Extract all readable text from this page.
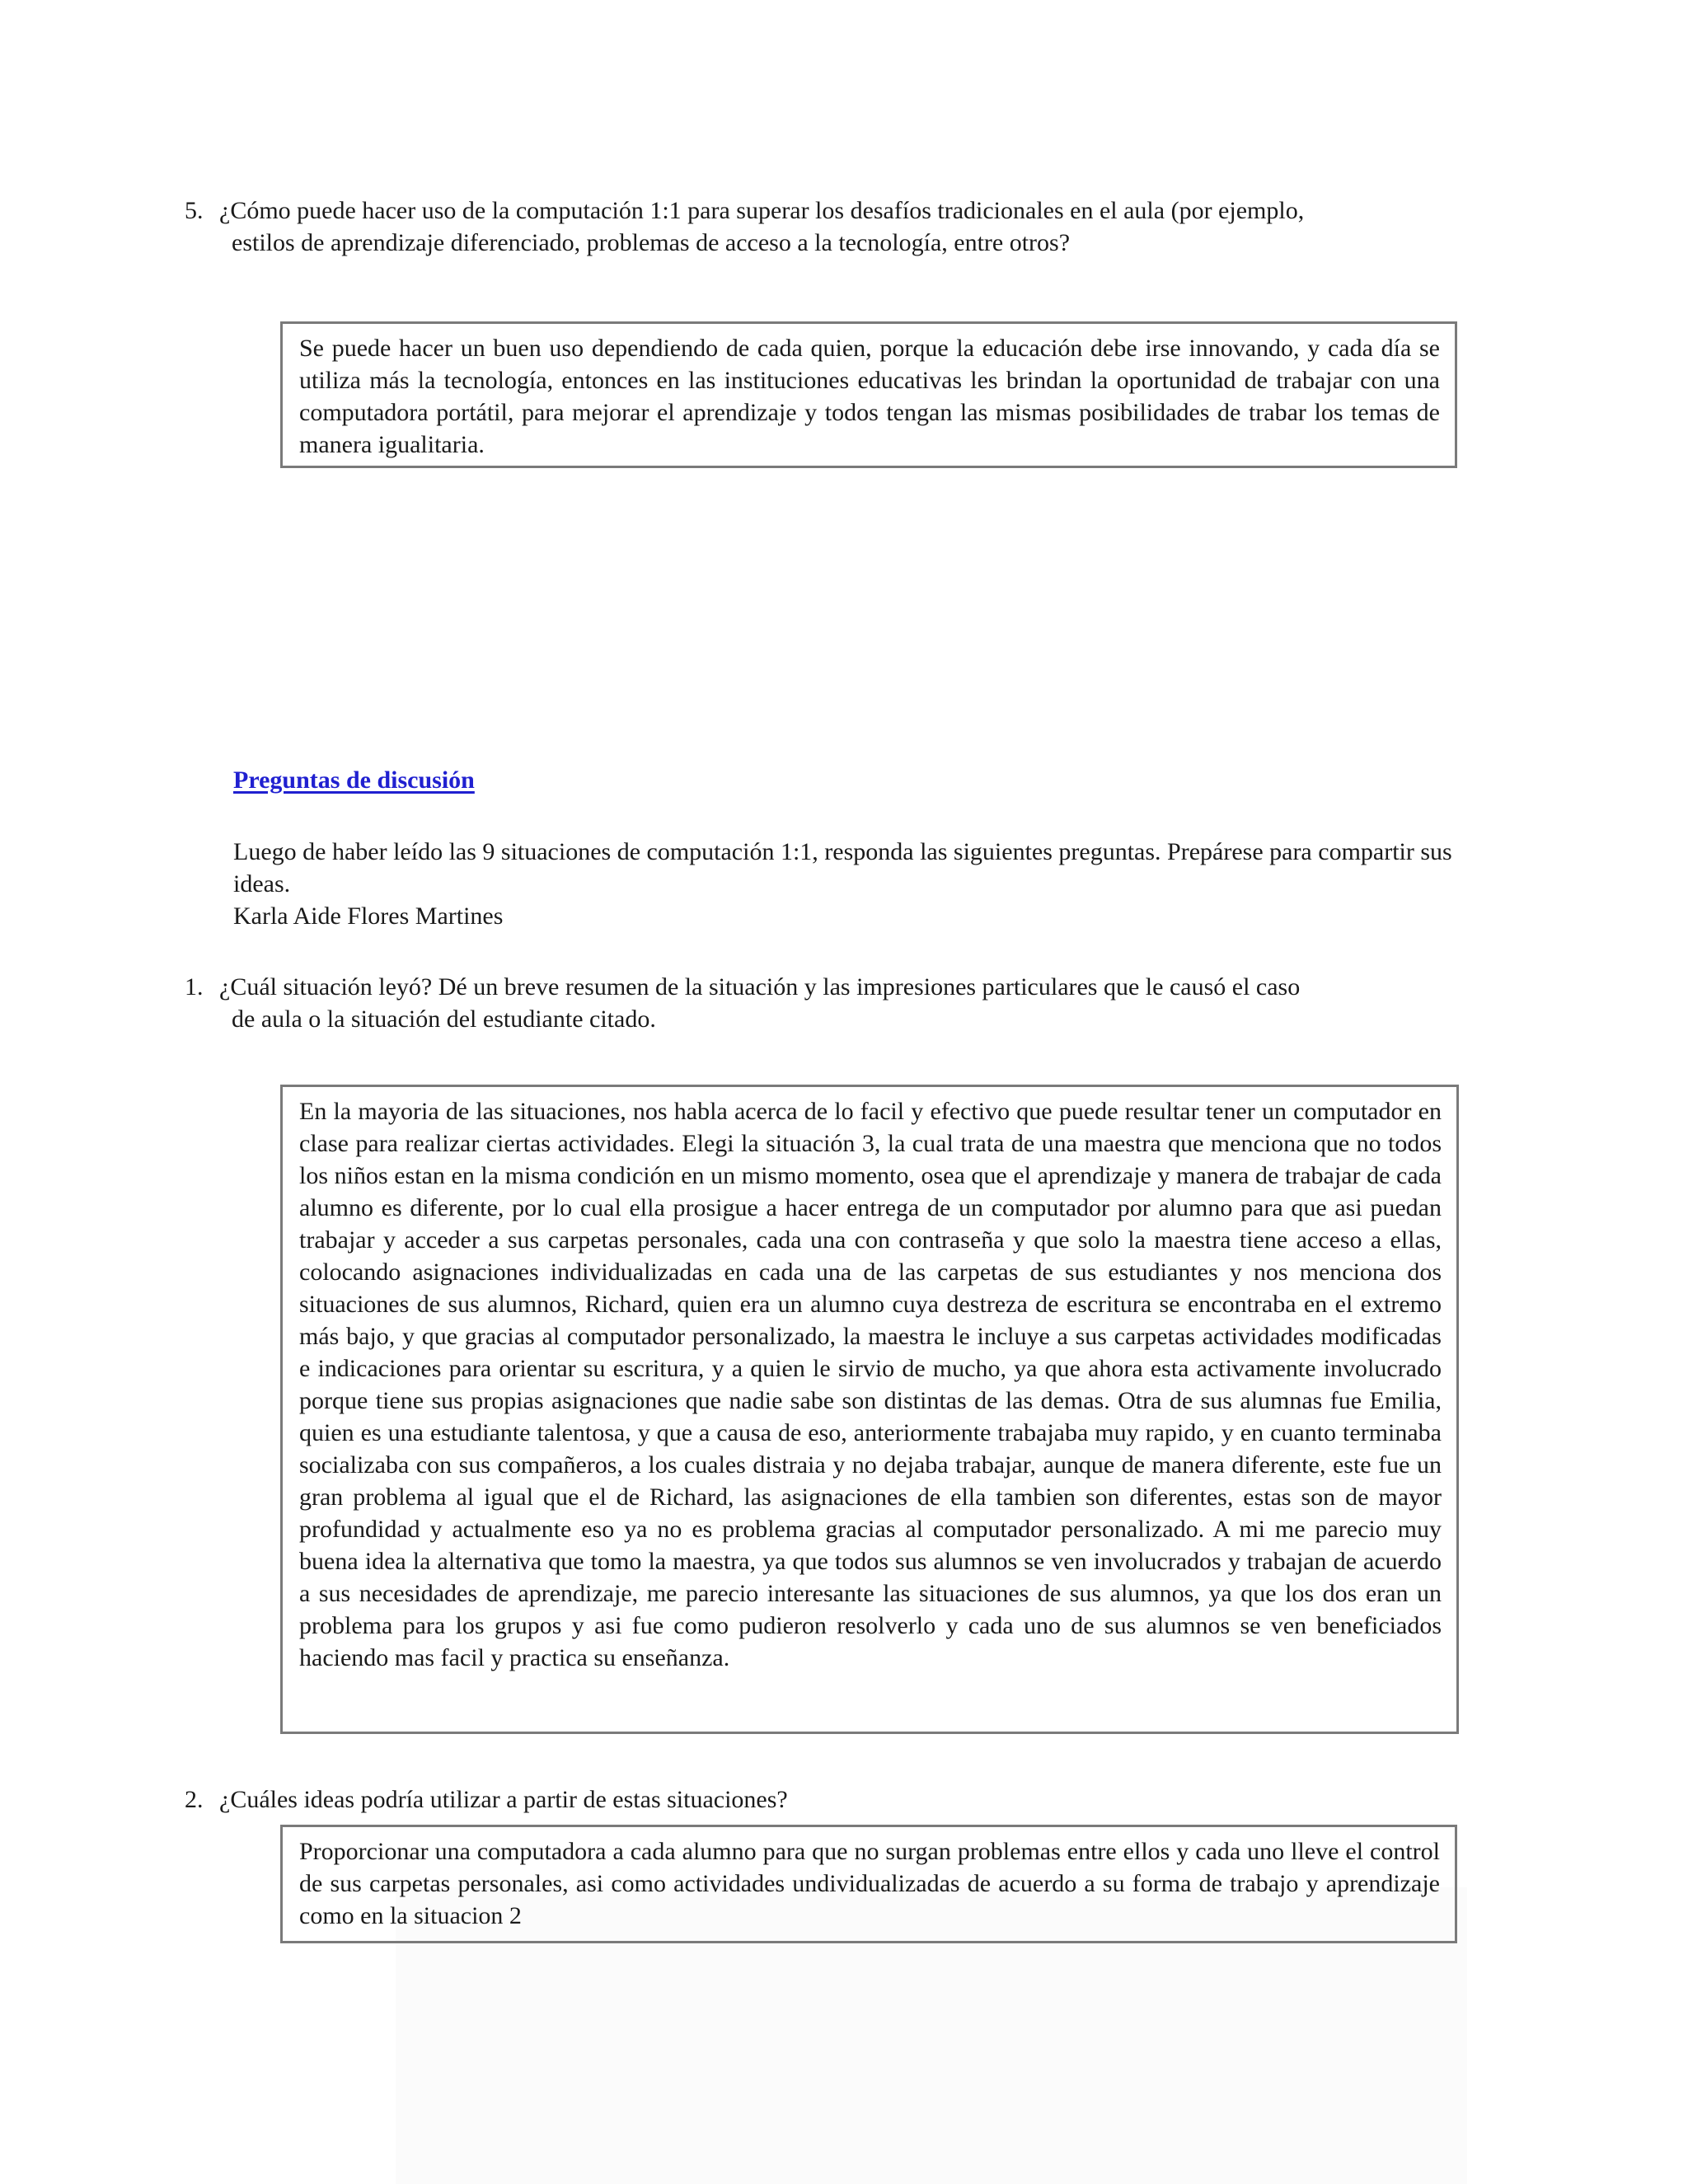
5. ¿Cómo puede hacer uso de la computación 1:1 para superar los desafíos tradicionales en el aula (por ejemplo,
estilos de aprendizaje diferenciado, problemas de acceso a la tecnología, entre otros?

Se puede hacer un buen uso dependiendo de cada quien, porque la educación debe irse innovando, y cada día se utiliza más la tecnología, entonces en las instituciones educativas les brindan la oportunidad de trabajar con una computadora portátil, para mejorar el aprendizaje y todos tengan las mismas posibilidades de trabar los temas de manera igualitaria.

Preguntas de discusión

Luego de haber leído las 9 situaciones de computación 1:1, responda las siguientes preguntas. Prepárese para compartir sus ideas.

Karla Aide Flores Martines

1. ¿Cuál situación leyó? Dé un breve resumen de la situación y las impresiones particulares que le causó el caso
de aula o la situación del estudiante citado.

En la mayoria de las situaciones, nos habla acerca de lo facil y efectivo que puede resultar tener un computador en clase para realizar ciertas actividades. Elegi la situación 3, la cual trata de una maestra que menciona que no todos los niños estan en la misma condición en un mismo momento, osea que el aprendizaje y manera de trabajar de cada alumno es diferente, por lo cual ella prosigue a hacer entrega de un computador por alumno para que asi puedan trabajar y acceder a sus carpetas personales, cada una con contraseña y que solo la maestra tiene acceso a ellas, colocando asignaciones individualizadas en cada una de las carpetas de sus estudiantes y nos menciona dos situaciones de sus alumnos, Richard, quien era un alumno cuya destreza de escritura se encontraba en el extremo más bajo, y que gracias al computador personalizado, la maestra le incluye a sus carpetas actividades modificadas e indicaciones para orientar su escritura, y a quien le sirvio de mucho, ya que ahora esta activamente involucrado porque tiene sus propias asignaciones que nadie sabe son distintas de las demas. Otra de sus alumnas fue Emilia, quien es una estudiante talentosa, y que a causa de eso, anteriormente trabajaba muy rapido, y en cuanto terminaba socializaba con sus compañeros, a los cuales distraia y no dejaba trabajar, aunque de manera diferente, este fue un gran problema al igual que el de Richard, las asignaciones de ella tambien son diferentes, estas son de mayor profundidad y actualmente eso ya no es problema gracias al computador personalizado. A mi me parecio muy buena idea la alternativa que tomo la maestra, ya que todos sus alumnos se ven involucrados y trabajan de acuerdo a sus necesidades de aprendizaje, me parecio interesante las situaciones de sus alumnos, ya que los dos eran un problema para los grupos y asi fue como pudieron resolverlo y cada uno de sus alumnos se ven beneficiados haciendo mas facil y practica su enseñanza.

2. ¿Cuáles ideas podría utilizar a partir de estas situaciones?

Proporcionar una computadora a cada alumno para que no surgan problemas entre ellos y cada uno lleve el control de sus carpetas personales, asi como actividades undividualizadas de acuerdo a su forma de trabajo y aprendizaje como en la situacion 2
